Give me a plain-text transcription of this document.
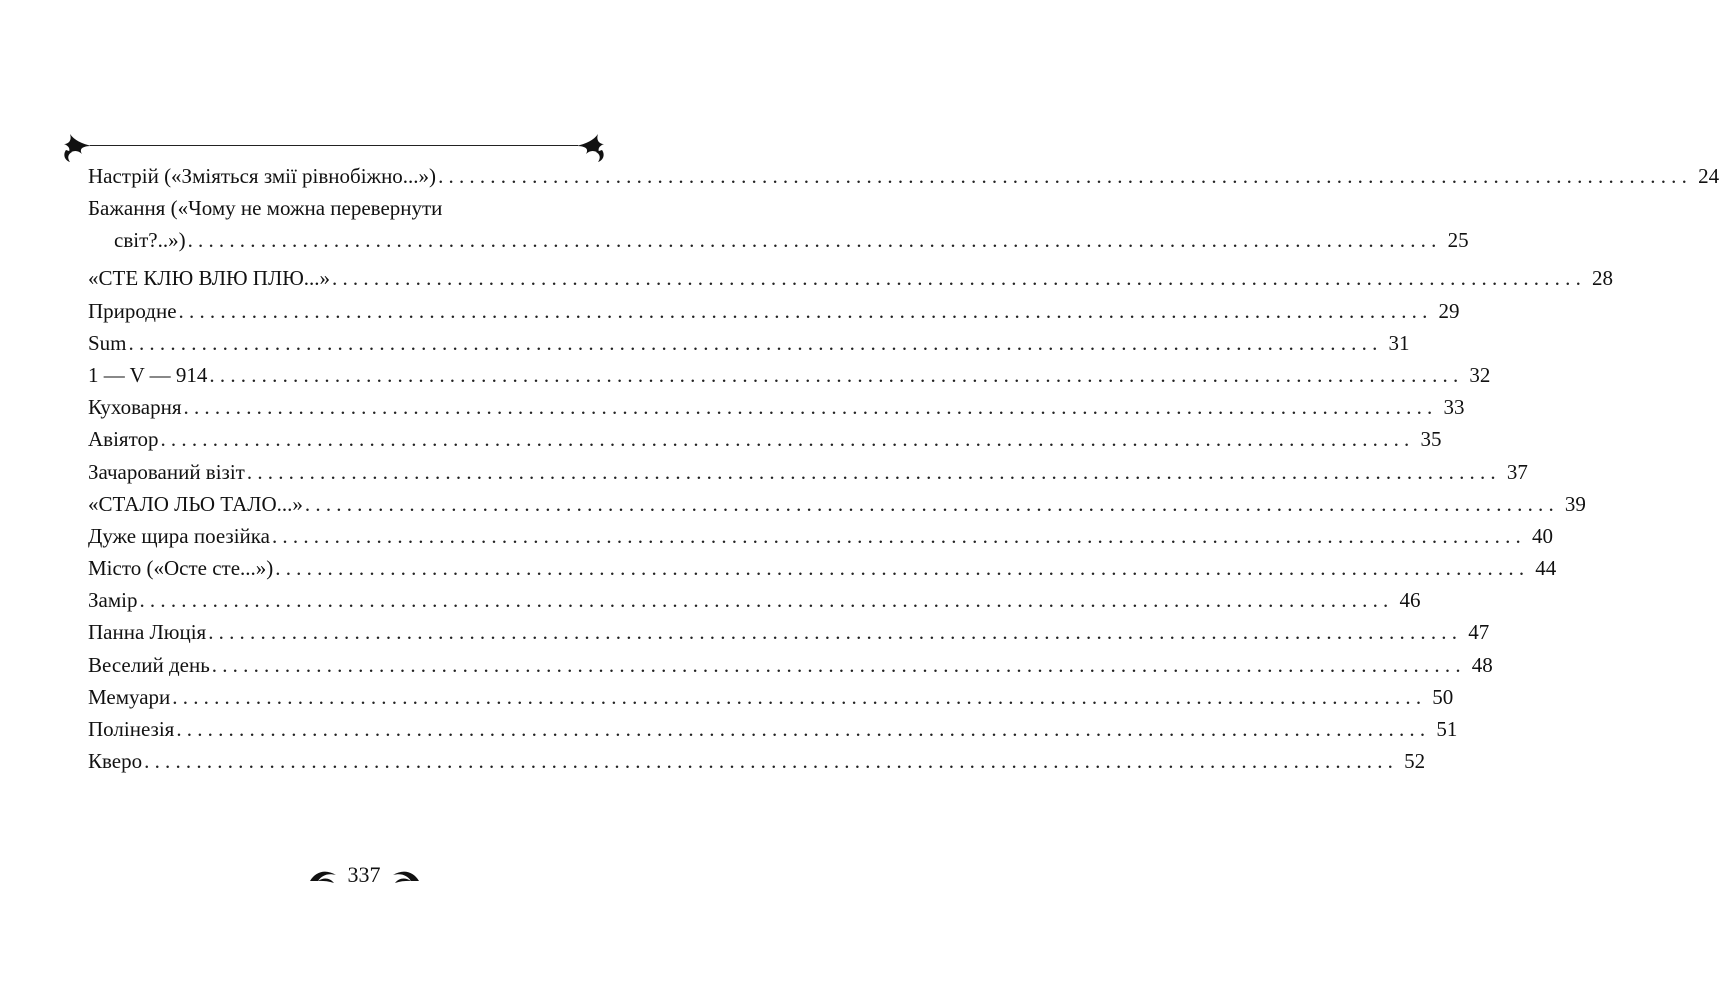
Настрій («Зміяться змії рівнобіжно...») ........................................................................................................................ 24
Бажання («Чому не можна перевернути
світ?..») ........................................................................................................................ 25
«СТЕ КЛЮ ВЛЮ ПЛЮ...» ........................................................................................................................ 28
Природне ........................................................................................................................ 29
Sum ........................................................................................................................ 31
1 — V — 914 ........................................................................................................................ 32
Куховарня ........................................................................................................................ 33
Авіятор ........................................................................................................................ 35
Зачарований візіт ........................................................................................................................ 37
«СТАЛО ЛЬО ТАЛО...» ........................................................................................................................ 39
Дуже щира поезійка ........................................................................................................................ 40
Місто («Осте сте...») ........................................................................................................................ 44
Замір ........................................................................................................................ 46
Панна Люція ........................................................................................................................ 47
Веселий день ........................................................................................................................ 48
Мемуари ........................................................................................................................ 50
Полінезія ........................................................................................................................ 51
Кверо ........................................................................................................................ 52
337
